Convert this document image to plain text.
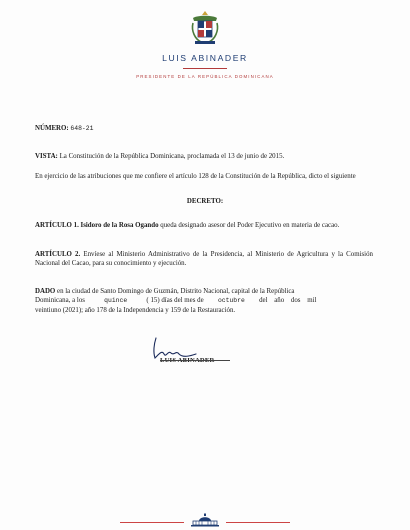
LUIS ABINADER
PRESIDENTE DE LA REPÚBLICA DOMINICANA
NÚMERO: 648-21
VISTA: La Constitución de la República Dominicana, proclamada el 13 de junio de 2015.
En ejercicio de las atribuciones que me confiere el artículo 128 de la Constitución de la República, dicto el siguiente
DECRETO:
ARTÍCULO 1. Isidoro de la Rosa Ogando queda designado asesor del Poder Ejecutivo en materia de cacao.
ARTÍCULO 2. Envíese al Ministerio Administrativo de la Presidencia, al Ministerio de Agricultura y la Comisión Nacional del Cacao, para su conocimiento y ejecución.
DADO en la ciudad de Santo Domingo de Guzmán, Distrito Nacional, capital de la República
Dominicana, a los	quince	( 15) días del mes de octubre del año dos mil
veintiuno (2021); año 178 de la Independencia y 159 de la Restauración.
LUIS ABINADER
